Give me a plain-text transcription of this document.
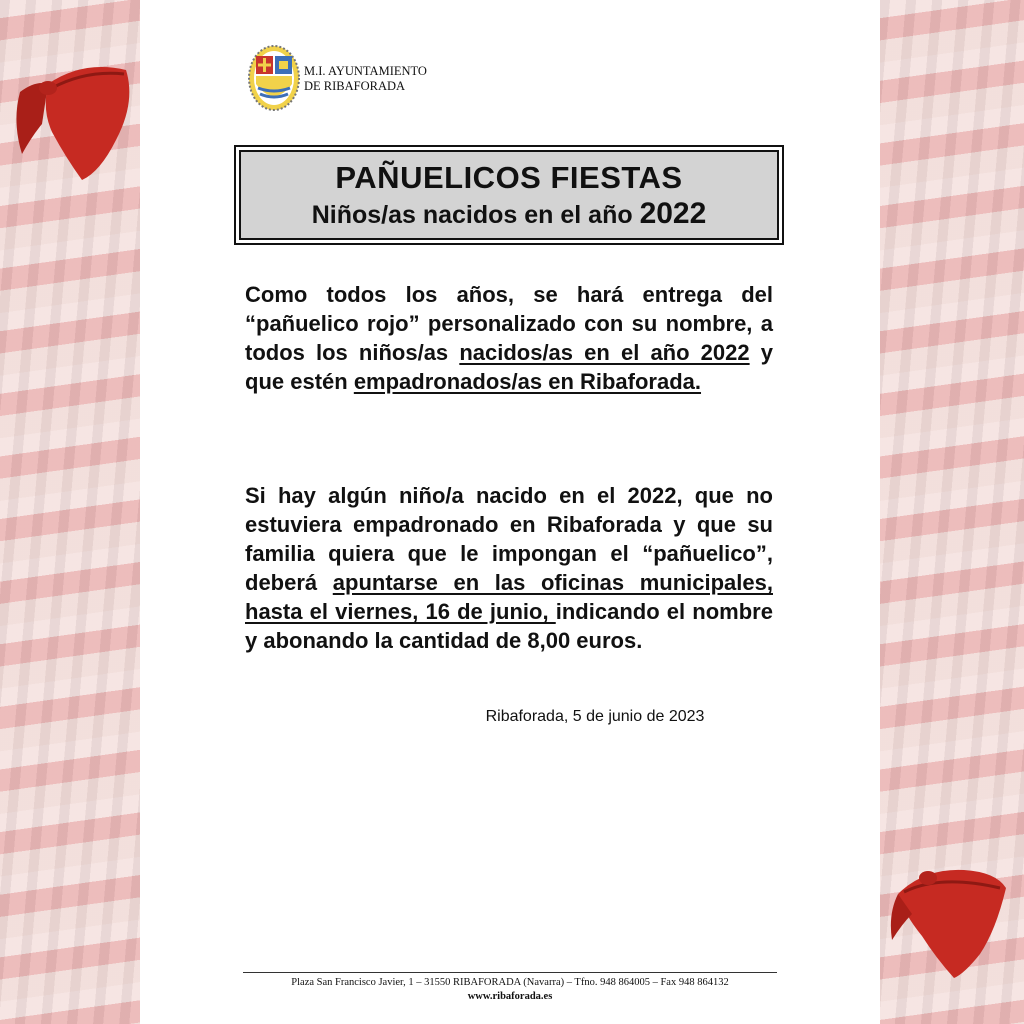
M.I. AYUNTAMIENTO
DE RIBAFORADA
PAÑUELICOS FIESTAS
Niños/as nacidos en el año 2022
Como todos los años, se hará entrega del “pañuelico rojo” personalizado con su nombre, a todos los niños/as nacidos/as en el año 2022 y que estén empadronados/as en Ribaforada.
Si hay algún niño/a nacido en el 2022, que no estuviera empadronado en Ribaforada y que su familia quiera que le impongan el “pañuelico”, deberá apuntarse en las oficinas municipales, hasta el viernes, 16 de junio, indicando el nombre y abonando la cantidad de 8,00 euros.
Ribaforada, 5 de junio de 2023
Plaza San Francisco Javier, 1 – 31550 RIBAFORADA (Navarra) – Tfno. 948 864005 – Fax 948 864132
www.ribaforada.es
